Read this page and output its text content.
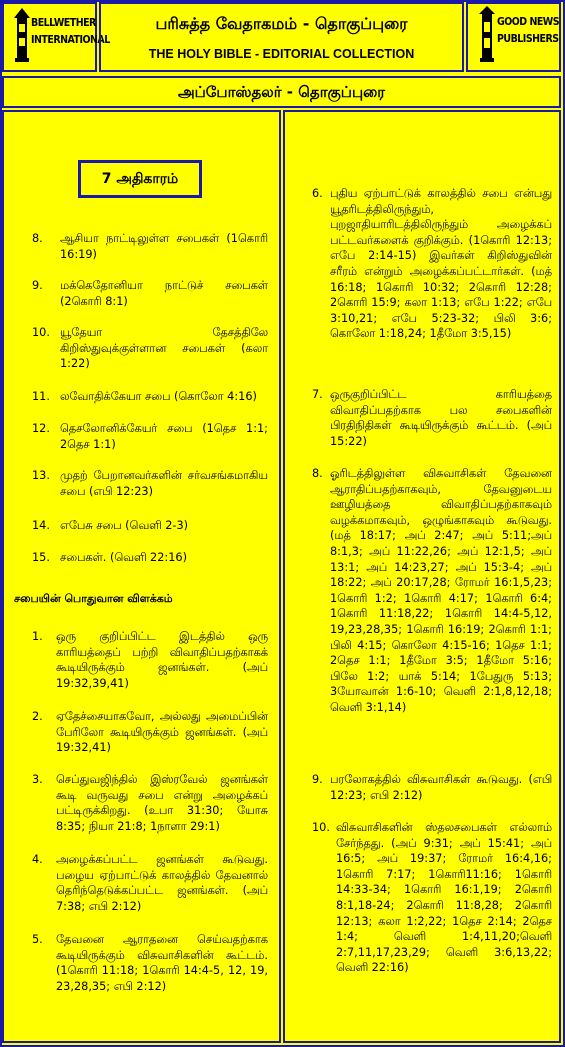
BELLWETHER
INTERNATIONAL
பரிசுத்த வேதாகமம் - தொகுப்புரை
THE HOLY BIBLE - EDITORIAL COLLECTION
GOOD NEWS
PUBLISHERS
அப்போஸ்தலர் - தொகுப்புரை
7 அதிகாரம்
8.	ஆசியா நாட்டிலுள்ள சபைகள் (1கொரி 16:19)
9.	மக்கெதோனியா நாட்டுச் சபைகள் (2கொரி 8:1)
10. யூதேயா தேசத்திலே கிறிஸ்துவுக்குள்ளான சபைகள் (கலா 1:22)
11. லவோதிக்கேயா சபை (கொலோ 4:16)
12. தெசலோனிக்கேயர் சபை (1தெச 1:1; 2தெச 1:1)
13. முதற் பேறானவர்களின் சர்வசங்கமாகிய சபை (எபி 12:23)
14. எபேசு சபை (வெளி 2-3)
15. சபைகள். (வெளி 22:16)
சபையின் பொதுவான விளக்கம்
1.	ஒரு குறிப்பிட்ட இடத்தில் ஒரு காரியத்தைப் பற்றி விவாதிப்பதற்காகக் கூடியிருக்கும் ஜனங்கள். (அப் 19:32,39,41)
2.	ஏதேச்சையாகவோ, அல்லது அமைப்பின் பேரிலோ கூடியிருக்கும் ஜனங்கள். (அப் 19:32,41)
3.	செப்துவஜிந்தில் இஸ்ரவேல் ஜனங்கள் கூடி வருவது சபை என்று அழைக்கப் பட்டிருக்கிறது. (உபா 31:30; யோசு 8:35; நியா 21:8; 1நாளா 29:1)
4.	அழைக்கப்பட்ட ஜனங்கள் கூடுவது. பழைய ஏற்பாட்டுக் காலத்தில் தேவனால் தெரிந்தெடுக்கப்பட்ட ஜனங்கள். (அப் 7:38; எபி 2:12)
5.	தேவனை ஆராதனை செய்வதற்காக கூடியிருக்கும் விசுவாசிகளின் கூட்டம். (1கொரி 11:18; 1கொரி 14:4-5, 12, 19, 23,28,35; எபி 2:12)
6. புதிய ஏற்பாட்டுக் காலத்தில் சபை என்பது யூதரிடத்திலிருந்தும், புறஜாதியாரிடத்திலிருந்தும் அழைக்கப் பட்டவர்களைக் குறிக்கும். (1கொரி 12:13; எபே 2:14-15) இவர்கள் கிறிஸ்துவின் சரீரம் என்றும் அழைக்கப்பட்டார்கள். (மத் 16:18; 1கொரி 10:32; 2கொரி 12:28; 2கொரி 15:9; கலா 1:13; எபே 1:22; எபே 3:10,21; எபே 5:23-32; பிலி 3:6; கொலோ 1:18,24; 1தீமோ 3:5,15)
7. ஒருகுறிப்பிட்ட காரியத்தை விவாதிப்பதற்காக பல சபைகளின் பிரதிநிதிகள் கூடியிருக்கும் கூட்டம். (அப் 15:22)
8. ஓரிடத்திலுள்ள விசுவாசிகள் தேவனை ஆராதிப்பதற்காகவும், தேவனுடைய ஊழியத்தை விவாதிப்பதற்காகவும் வழக்கமாகவும், ஒழுங்காகவும் கூடுவது. (மத் 18:17; அப் 2:47; அப் 5:11;அப் 8:1,3; அப் 11:22,26; அப் 12:1,5; அப் 13:1; அப் 14:23,27; அப் 15:3-4; அப் 18:22; அப் 20:17,28; ரோமர் 16:1,5,23; 1கொரி 1:2; 1கொரி 4:17; 1கொரி 6:4; 1கொரி 11:18,22; 1கொரி 14:4-5,12, 19,23,28,35; 1கொரி 16:19; 2கொரி 1:1; பிலி 4:15; கொலோ 4:15-16; 1தெச 1:1; 2தெச 1:1; 1தீமோ 3:5; 1தீமோ 5:16; பிலே 1:2; யாக் 5:14; 1பேதுரு 5:13; 3யோவான் 1:6-10; வெளி 2:1,8,12,18; வெளி 3:1,14)
9. பரலோகத்தில் விசுவாசிகள் கூடுவது. (எபி 12:23; எபி 2:12)
10. விசுவாசிகளின் ஸ்தலசபைகள் எல்லாம் சேர்ந்தது. (அப் 9:31; அப் 15:41; அப் 16:5; அப் 19:37; ரோமர் 16:4,16; 1கொரி 7:17; 1கொரி11:16; 1கொரி 14:33-34; 1கொரி 16:1,19; 2கொரி 8:1,18-24; 2கொரி 11:8,28; 2கொரி 12:13; கலா 1:2,22; 1தெச 2:14; 2தெச 1:4; வெளி 1:4,11,20;வெளி 2:7,11,17,23,29; வெளி 3:6,13,22; வெளி 22:16)
